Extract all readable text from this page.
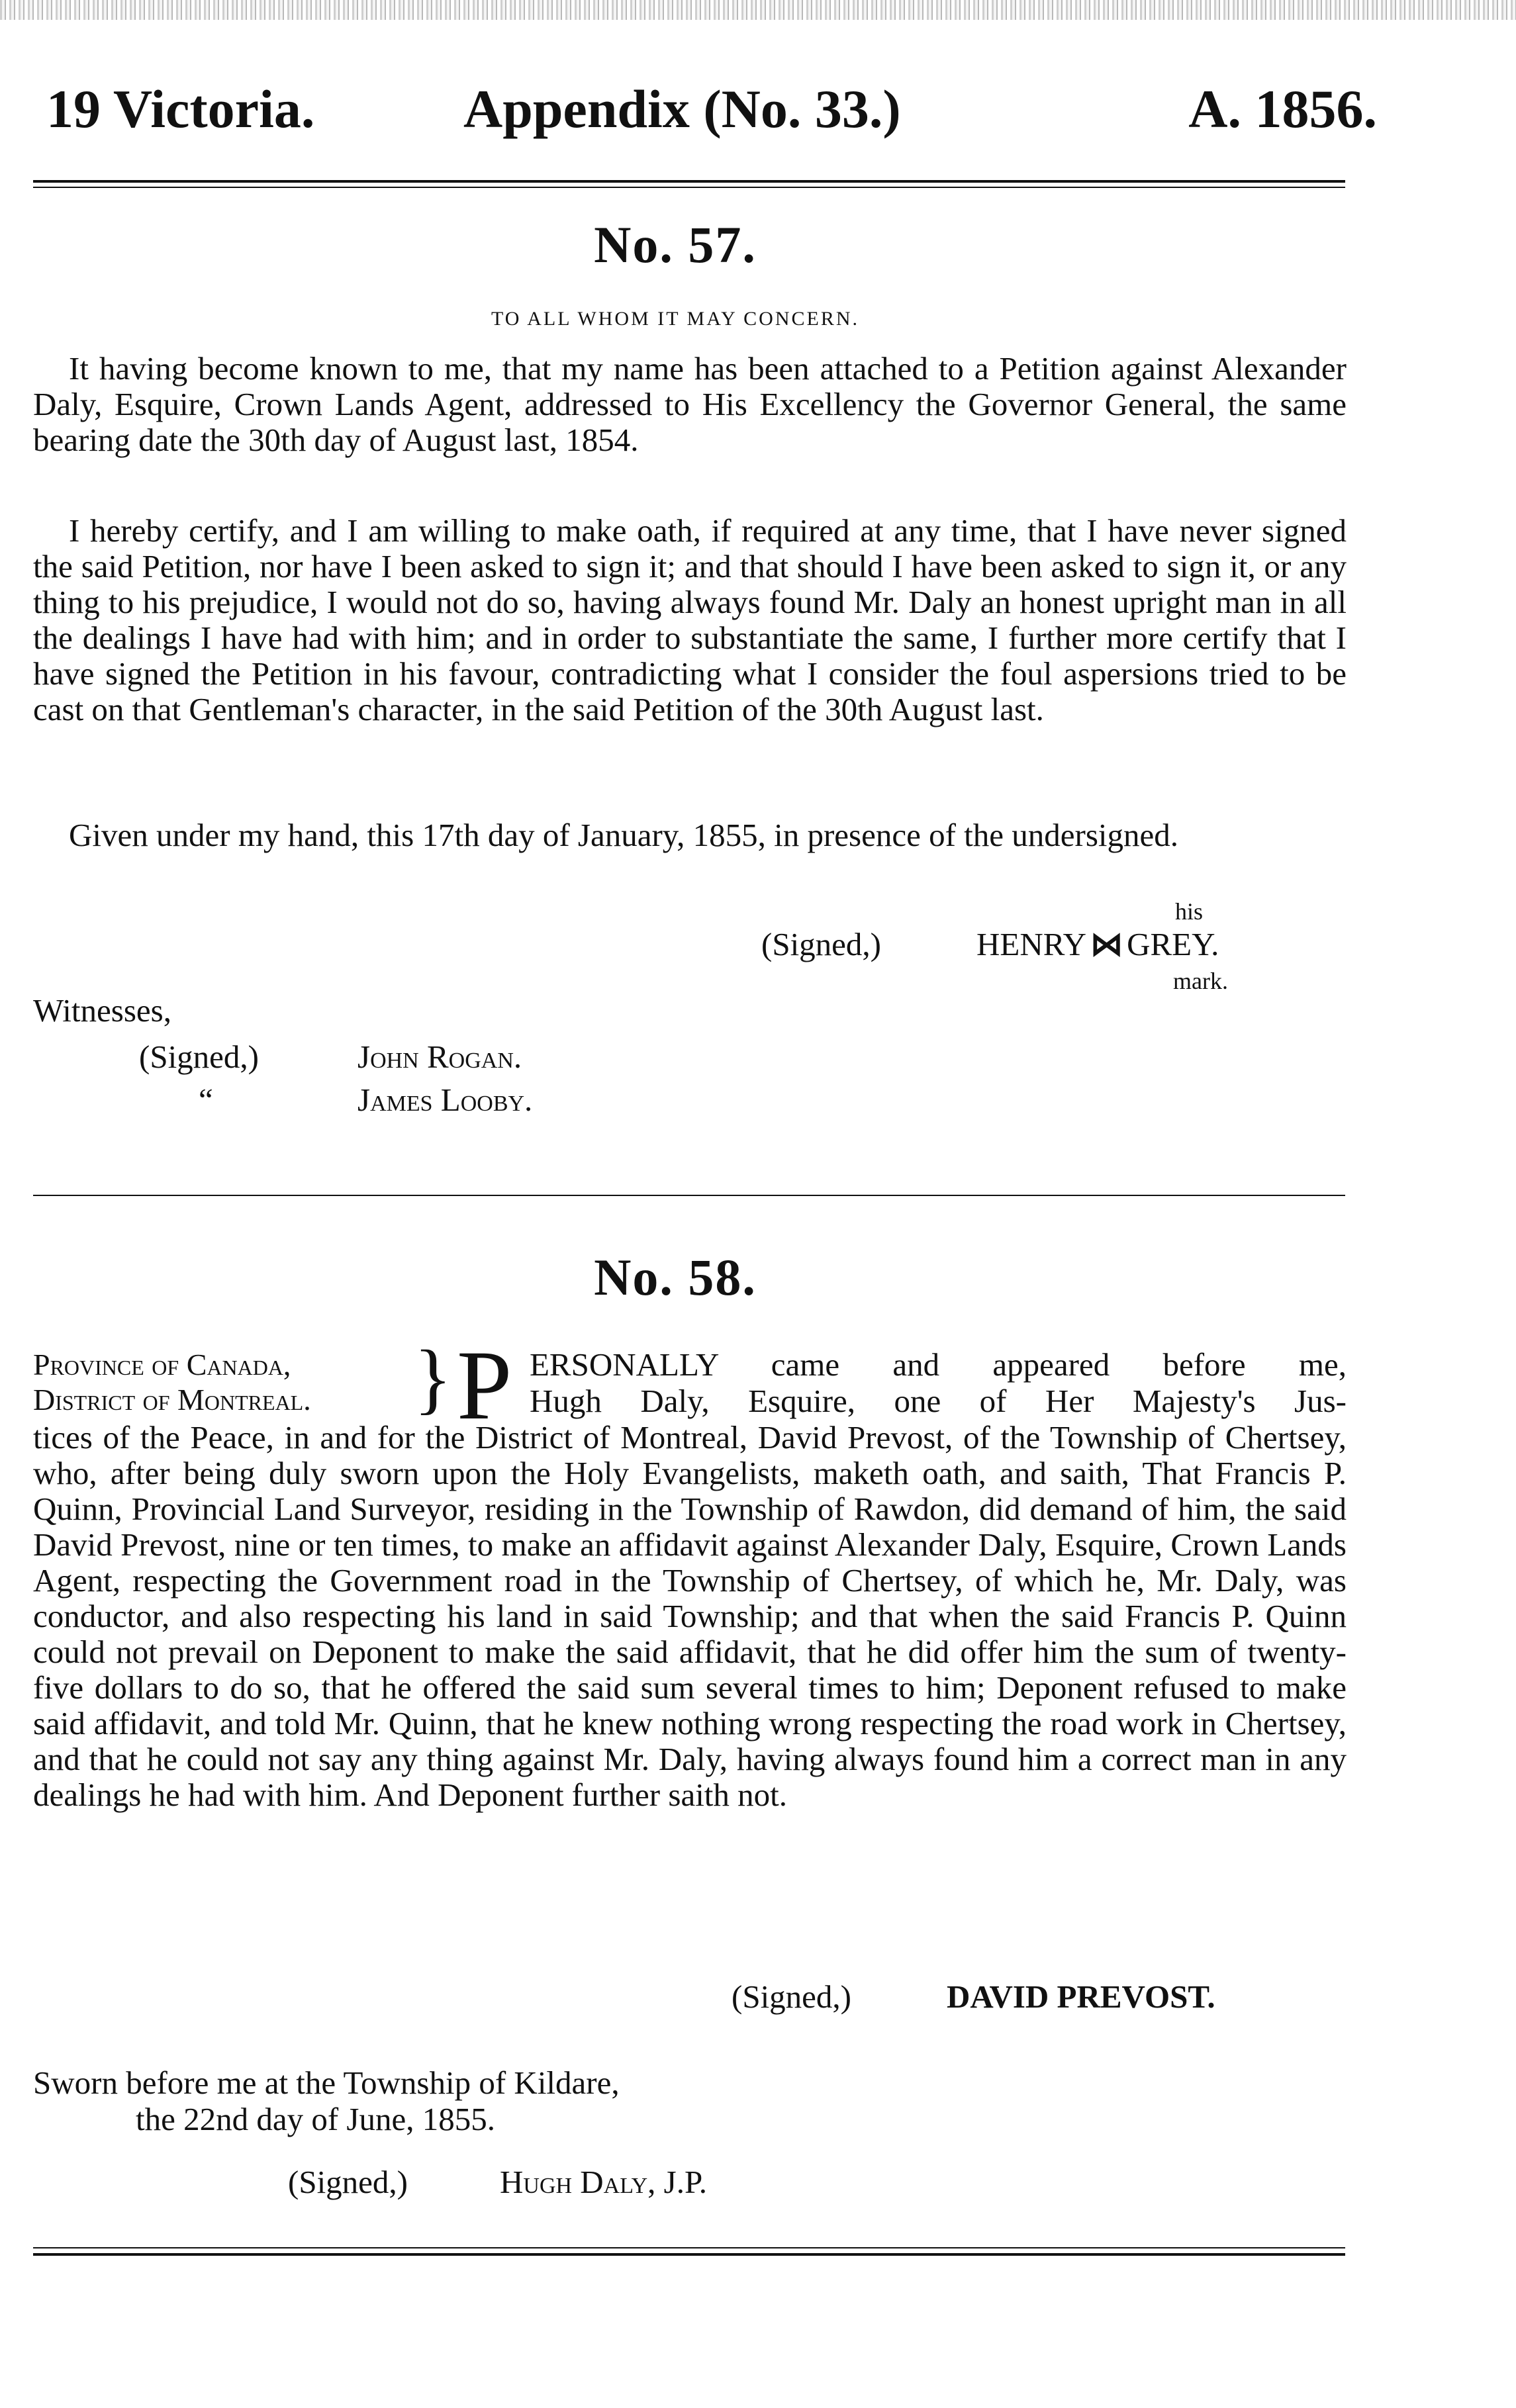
19 Victoria.	Appendix (No. 33.)	A. 1856.
No. 57.
TO ALL WHOM IT MAY CONCERN.

It having become known to me, that my name has been attached to a Petition against Alexander Daly, Esquire, Crown Lands Agent, addressed to His Excellency the Governor General, the same bearing date the 30th day of August last, 1854.

I hereby certify, and I am willing to make oath, if required at any time, that I have never signed the said Petition, nor have I been asked to sign it; and that should I have been asked to sign it, or any thing to his prejudice, I would not do so, having always found Mr. Daly an honest upright man in all the dealings I have had with him; and in order to substantiate the same, I further more certify that I have signed the Petition in his favour, contradicting what I consider the foul aspersions tried to be cast on that Gentleman's character, in the said Petition of the 30th August last.

Given under my hand, this 17th day of January, 1855, in presence of the undersigned.

his
(Signed,)	HENRY ⋈ GREY.
mark.
Witnesses,
(Signed,)	John Rogan.
“	James Looby.
No. 58.
Province of Canada,
District of Montreal. } P ERSONALLY came and appeared before me,

Hugh Daly, Esquire, one of Her Majesty's Jus-

tices of the Peace, in and for the District of Montreal, David Prevost, of the Township of Chertsey, who, after being duly sworn upon the Holy Evangelists, maketh oath, and saith, That Francis P. Quinn, Provincial Land Surveyor, residing in the Township of Rawdon, did demand of him, the said David Prevost, nine or ten times, to make an affidavit against Alexander Daly, Esquire, Crown Lands Agent, respecting the Government road in the Township of Chertsey, of which he, Mr. Daly, was conductor, and also respecting his land in said Township; and that when the said Francis P. Quinn could not prevail on Deponent to make the said affidavit, that he did offer him the sum of twenty-five dollars to do so, that he offered the said sum several times to him; Deponent refused to make said affidavit, and told Mr. Quinn, that he knew nothing wrong respecting the road work in Chertsey, and that he could not say any thing against Mr. Daly, having always found him a correct man in any dealings he had with him. And Deponent further saith not.

(Signed,)	DAVID PREVOST.
Sworn before me at the Township of Kildare,
the 22nd day of June, 1855.
(Signed,)	Hugh Daly, J.P.
